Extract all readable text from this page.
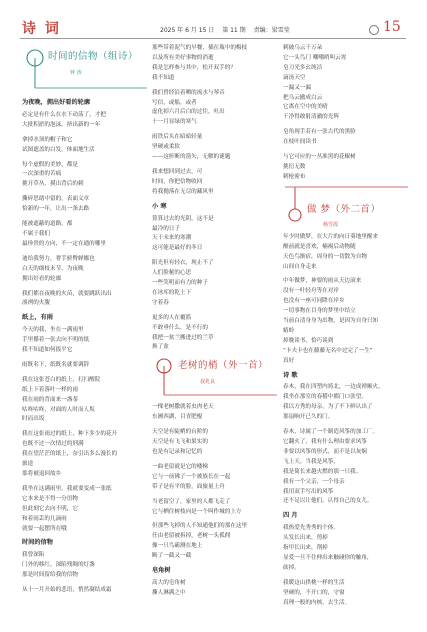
诗 词	2025 年 6 月 15 日 第 11 期 责编：梁雪莹	15
时间的信物（组诗）
钟 涛

为夜晚，拥出好看的轮廓

必定是有什么在水下动荡了，才把

大批积淤的泡沫，挤出新的一年

拿掉水顶的帽子和它

试图遮盖的白发，体面地生活

每个虚假的美妙，都是

一次深重的苦痛

挑开草丛，摸出背后的刺

撕碎思绪中留的，表面义章

恰新的一年，让出一条去路

能被遮蔽的道路，都

不属于我们

最珍贵的方向，不一定在通的哪里

迪给我努力，奢手骄臀婵娜也

白天的细枝末节，为夜晚

拥出好看的轮廓

我们都在夜晚的火苗，就要跳跃出出

凛冽的火腹

纸上，有雨

今天的我，坐在一满雨里

手里攥着一张去向不明的纸

我不知道如何扳平它

雨既名下，纸既名就要调辞

我在这张苍白的纸上，打扫醒院

纸上下着落叶一样的雨

我在雨的背面来一盏茶

咕咚咕咚，对面的人时而人坂

时而出坂

我在这张雨过的纸上，种下多少的花开

也既不过一次情过的刑满

我在望茫茫的纸上，奈引出多么漫长的

旅途

那将被退回故乡

我坐在这满雨里，我就要变成一张纸

它本来是不得一分语物

但此刻它去向不明，它

和着雨丢的几滴雨

就要一起摆所在哦

时间的信物

我曾深陷

门外的移红，深陷残绸的灯盏

那是时间留给我的信物

从十一月开始的悲语，悄然凝结成霜

那些带着泥气的早餐，插在瓶中的梅枝

以及所有美好事物的消逝

我是怎样参与其中，松开双手的？

我不知道

我们曾经沿着晒的流水与琴音

写信，或船，或者

虚化掉六月后白的过往，吐出

十一月显绿的寒气

雨铁后头在暗暗轻量

坚硬或柔软

——这折断的箭矢，无解的谜题

我来想回到过去，可

时间，你把信物收回

将我抛落在无尽的藏风里

小 寒

算算过去的光阴，这不是

最冷的日子

天干未来的寒潮

这可能是最好的冬日

阳光但有轻衣，现止不了

人们脸秘的心思

一些笑明而有力的种子

在冰库的乾土下

守着春

更多的人在覆篮

不敢垂什么，是不行的

我把一盆兰搬进过的兰草

换了盆

老树的梢（外一首）
叔兆良

一棵老树撒就着虫肉老天

东圃西湖，目青肥棍

天空是有陡峭的台阶的

天空是有飞飞和果实的

也是有记录和记忆的

一曲老留就是它的楼梯

它与一前佛子一个被族长在一起

带子是有平的脸，面旅量上舟

当老留空了，家里的人都飞走了

它与栖住树枝向是一个叫作城的上方

但那些飞掉的人不知通他们的那在这里

任由老留被拆掉，老树一头孤佣

像一只鸟霸测在地上

断了一截又一截

皂角树

高大的皂角树

撕人淋满之中

刺破乌云千万朵

它一头鸟门 嘲嘲哨叫云霄

皂刀光多幺纯洁

滴汤天空

一漏又一漏

把乌云撤成白云

它离在空中的美晴

干净得敢射清澈的光辉

皂角现手若有一张古代的黑脸

在枝叶间读书

与它可应的一丛准黑的花椒树

挑衍无数

刺枪密布

做 梦（外二首）
杨雪霞

年少时做梦，在大片的向日葵地里醒来

醒前就是喜欢，楠褐后动物随

天色鸟渐宿，周身的一切散为自物

山间自身走来

中年做梦，神要的雨从天边滚来

没有一叶轻舟等在对岸

也没有一座可同降在岸乡

一切事物在目身的梦里中结立

当前白清身身为出物，是因为自身只知

蜻蛉

掉晚谈书，恰巧谈到

“卡夫卡也在藤藤无名中过完了一生”

真好

诗 歌

春木，我在四塑内祷北，一边成禅顺火。

我坐在那室的春稽中都门口张望。

我以方秀的母亲，为了不下鲜认出了

那扇晌开已久的门。

春木，诗属了一个制造风筝的加工厂。

它翻火了，我有什么理由要求风筝

非要以风筝的形式，而不是以灰焖

飞上天。当我是风筝，

我是简长来越火燃的那一只我。

我有一个父亲，一个母亲

我用双手写出的风筝

还不足以让他们，认得自己的女儿。

四 月

我热爱先秀秀的个体。

头发长出来，剪掉

指甲长出来，削掉

显爱一旦不住伸出来触碰你的触角，

砍掉。

我暖这山拱桃一样的生活

坚硬的，不开口的，守窗

真理一般的内核，去生活。
